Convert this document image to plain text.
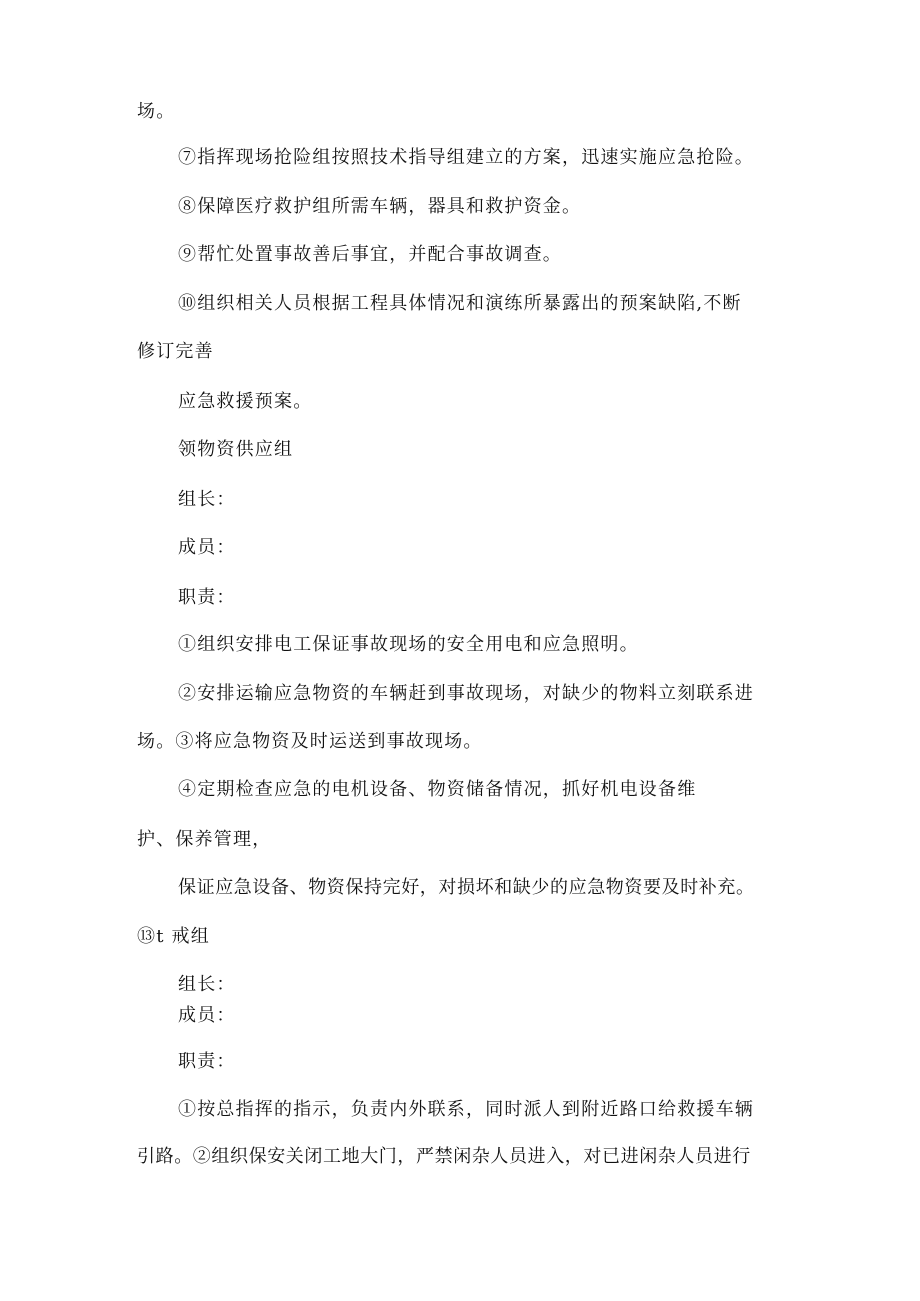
场。

⑦指挥现场抢险组按照技术指导组建立的方案，迅速实施应急抢险。

⑧保障医疗救护组所需车辆，器具和救护资金。

⑨帮忙处置事故善后事宜，并配合事故调查。

⑩组织相关人员根据工程具体情况和演练所暴露出的预案缺陷,不断

修订完善

应急救援预案。

领物资供应组

组长：

成员：

职责：

①组织安排电工保证事故现场的安全用电和应急照明。

②安排运输应急物资的车辆赶到事故现场，对缺少的物料立刻联系进

场。③将应急物资及时运送到事故现场。

④定期检查应急的电机设备、物资储备情况，抓好机电设备维

护、保养管理，

保证应急设备、物资保持完好，对损坏和缺少的应急物资要及时补充。

⑬t 戒组

组长：

成员：

职责：

①按总指挥的指示，负责内外联系，同时派人到附近路口给救援车辆

引路。②组织保安关闭工地大门，严禁闲杂人员进入，对已进闲杂人员进行
